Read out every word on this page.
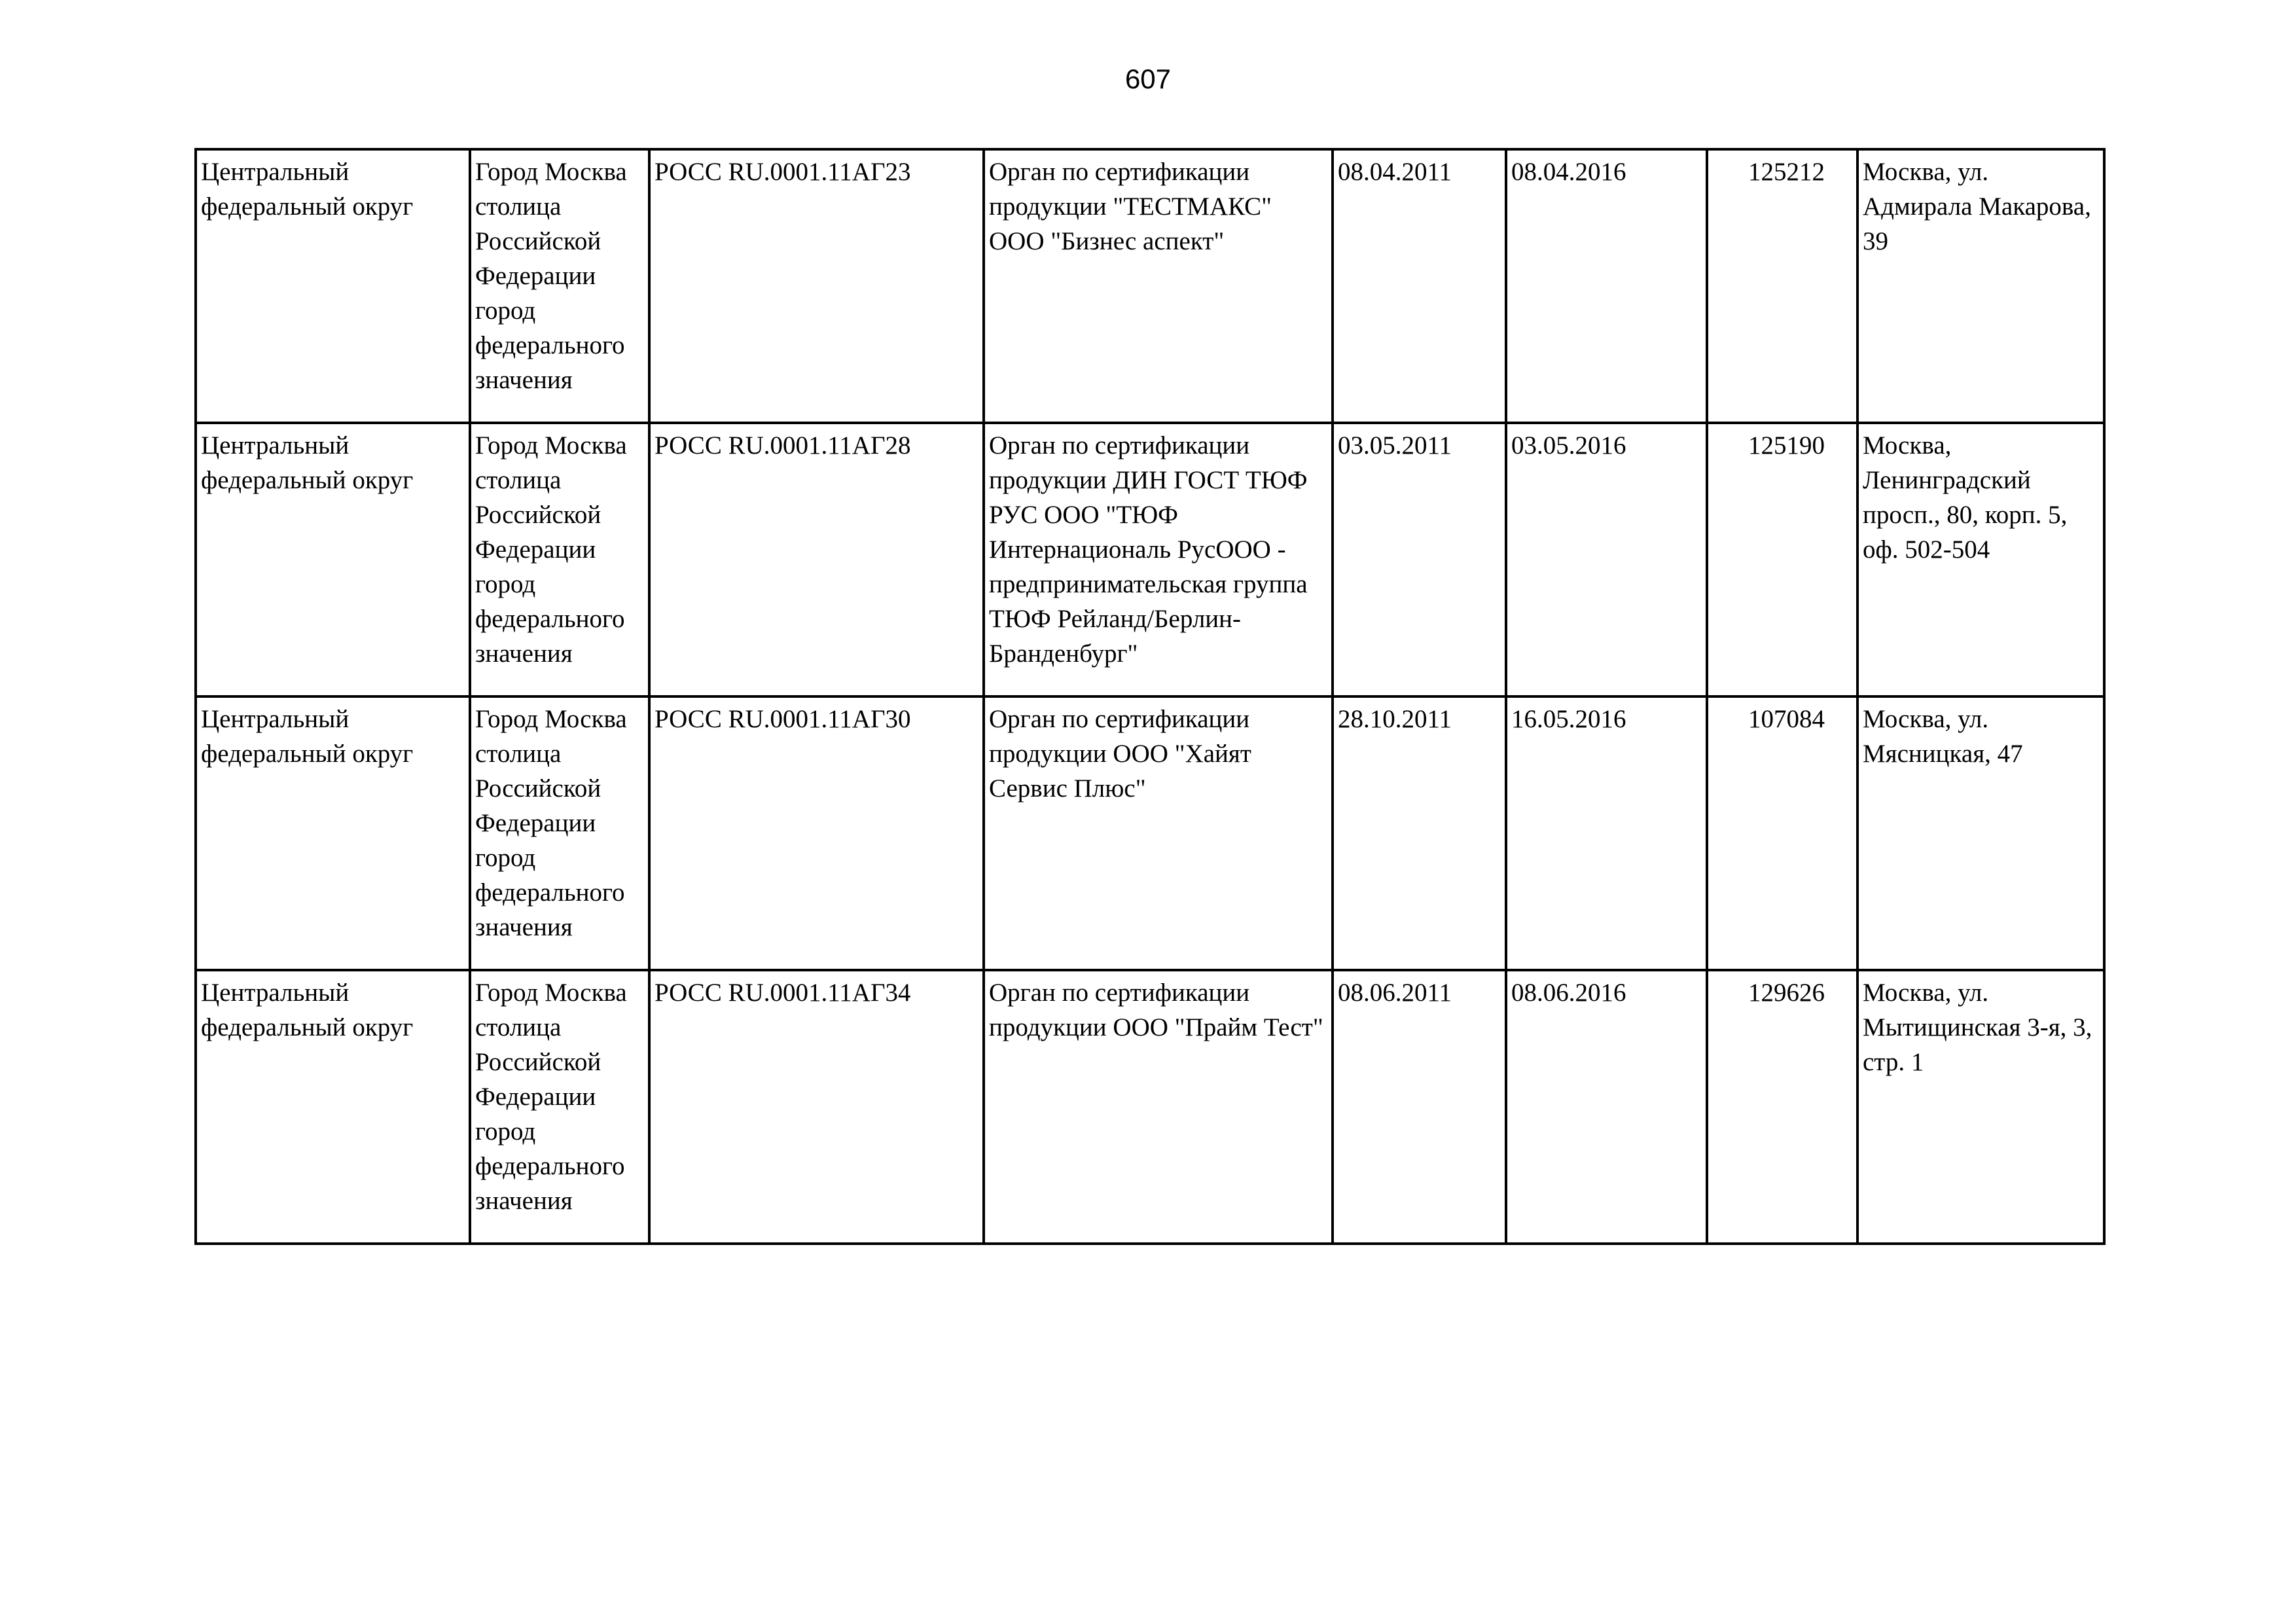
607
Центральный федеральный округ	Город Москва столица Российской Федерации город федерального значения	РОСС RU.0001.11АГ23	Орган по сертификации продукции "ТЕСТМАКС" ООО "Бизнес аспект"	08.04.2011	08.04.2016	125212	Москва, ул. Адмирала Макарова, 39

Центральный федеральный округ	Город Москва столица Российской Федерации город федерального значения	РОСС RU.0001.11АГ28	Орган по сертификации продукции ДИН ГОСТ ТЮФ РУС ООО "ТЮФ Интернациональ РусООО - предпринимательская группа ТЮФ Рейланд/Берлин-Бранденбург"	03.05.2011	03.05.2016	125190	Москва, Ленинградский просп., 80, корп. 5, оф. 502-504

Центральный федеральный округ	Город Москва столица Российской Федерации город федерального значения	РОСС RU.0001.11АГ30	Орган по сертификации продукции ООО "Хайят Сервис Плюс"	28.10.2011	16.05.2016	107084	Москва, ул. Мясницкая, 47

Центральный федеральный округ	Город Москва столица Российской Федерации город федерального значения	РОСС RU.0001.11АГ34	Орган по сертификации продукции ООО "Прайм Тест"	08.06.2011	08.06.2016	129626	Москва, ул. Мытищинская 3-я, 3, стр. 1
